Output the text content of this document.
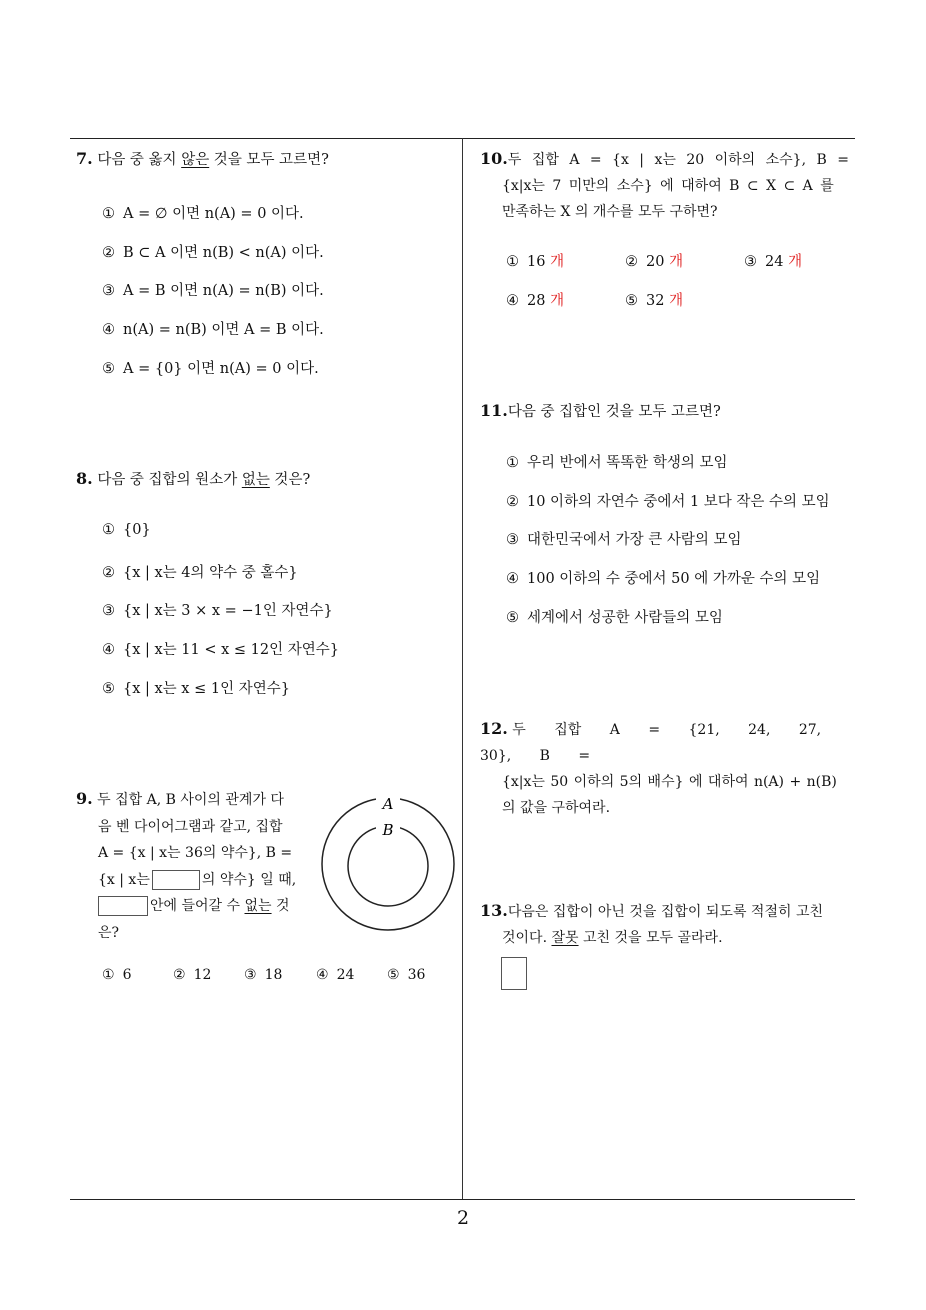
7. 다음 중 옳지 않은 것을 모두 고르면?
① A = ∅ 이면 n(A) = 0 이다.
② B ⊂ A 이면 n(B) < n(A) 이다.
③ A = B 이면 n(A) = n(B) 이다.
④ n(A) = n(B) 이면 A = B 이다.
⑤ A = {0} 이면 n(A) = 0 이다.
8. 다음 중 집합의 원소가 없는 것은?
① {0}
② {x | x는 4의 약수 중 홀수}
③ {x | x는 3 × x = −1인 자연수}
④ {x | x는 11 < x ≤ 12인 자연수}
⑤ {x | x는 x ≤ 1인 자연수}
9. 두 집합 A, B 사이의 관계가 다
음 벤 다이어그램과 같고, 집합
A = {x | x는 36의 약수}, B =
{x | x는	의 약수} 일 때,
안에 들어갈 수 없는 것
은?
A
B
① 6	② 12 ③ 18 ④ 24 ⑤ 36
10.두 집합 A = {x | x는 20 이하의 소수}, B =
{x|x는 7 미만의 소수} 에 대하여 B ⊂ X ⊂ A 를
만족하는 X 의 개수를 모두 구하면?
① 16 개	② 20 개	③ 24 개
④ 28 개	⑤ 32 개
11.다음 중 집합인 것을 모두 고르면?
① 우리 반에서 똑똑한 학생의 모임
② 10 이하의 자연수 중에서 1 보다 작은 수의 모임
③ 대한민국에서 가장 큰 사람의 모임
④ 100 이하의 수 중에서 50 에 가까운 수의 모임
⑤ 세계에서 성공한 사람들의 모임
12. 두 집합 A = {21, 24, 27, 30}, B =
{x|x는 50 이하의 5의 배수} 에 대하여 n(A) + n(B)
의 값을 구하여라.
13.다음은 집합이 아닌 것을 집합이 되도록 적절히 고친
것이다. 잘못 고친 것을 모두 골라라.
2
